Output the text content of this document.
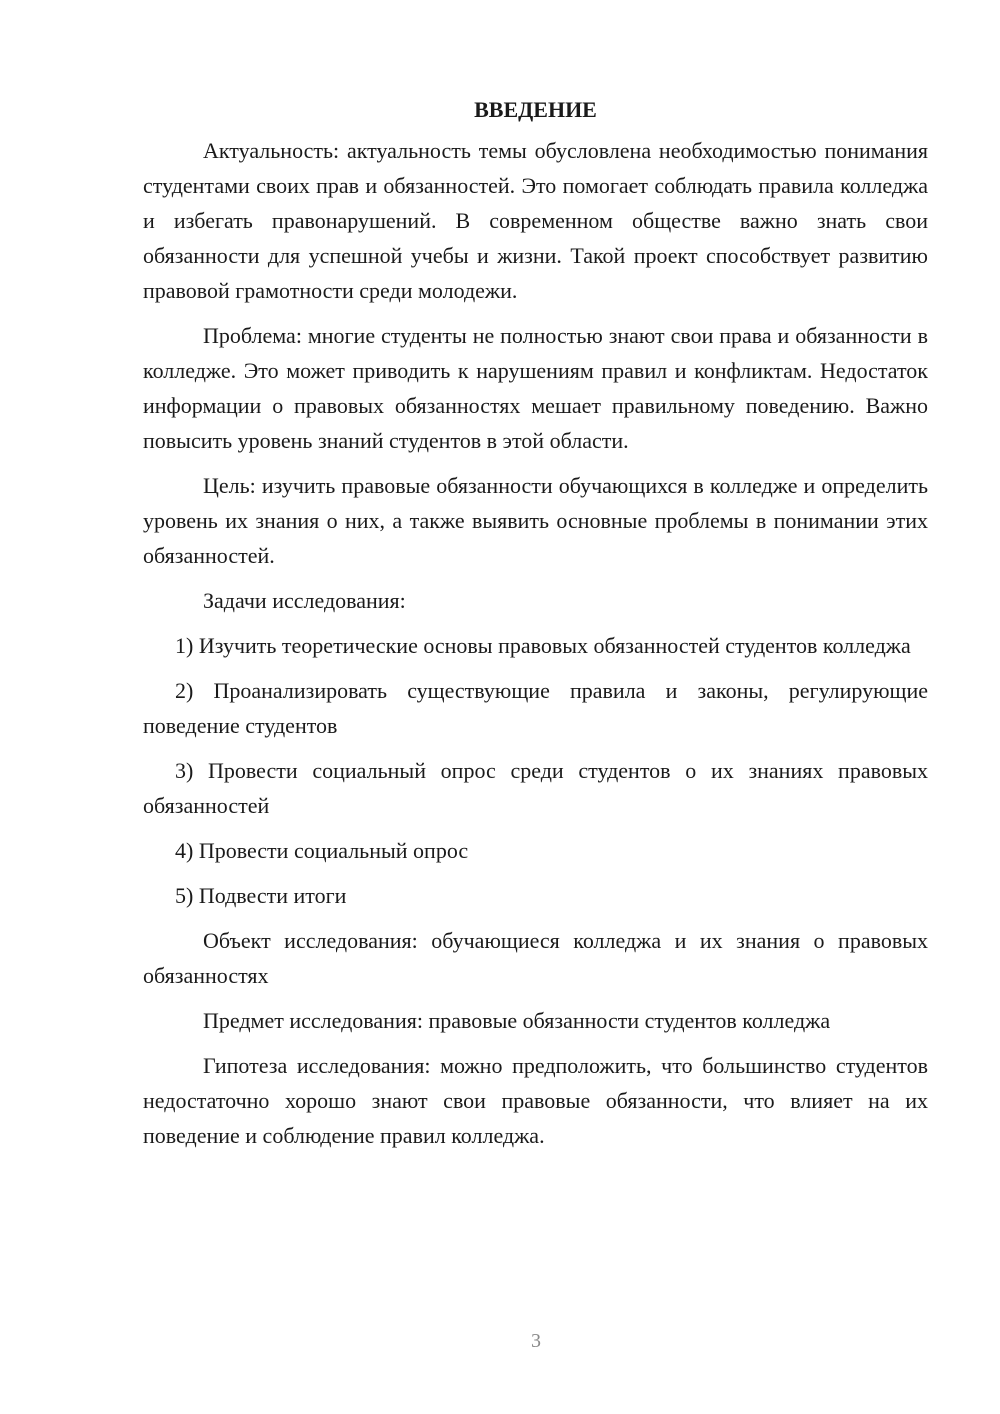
ВВЕДЕНИЕ

Актуальность: актуальность темы обусловлена необходимостью понимания студентами своих прав и обязанностей. Это помогает соблюдать правила колледжа и избегать правонарушений. В современном обществе важно знать свои обязанности для успешной учебы и жизни. Такой проект способствует развитию правовой грамотности среди молодежи.

Проблема: многие студенты не полностью знают свои права и обязанности в колледже. Это может приводить к нарушениям правил и конфликтам. Недостаток информации о правовых обязанностях мешает правильному поведению. Важно повысить уровень знаний студентов в этой области.

Цель: изучить правовые обязанности обучающихся в колледже и определить уровень их знания о них, а также выявить основные проблемы в понимании этих обязанностей.

Задачи исследования:

1) Изучить теоретические основы правовых обязанностей студентов колледжа

2) Проанализировать существующие правила и законы, регулирующие поведение студентов

3) Провести социальный опрос среди студентов о их знаниях правовых обязанностей

4) Провести социальный опрос

5) Подвести итоги

Объект исследования: обучающиеся колледжа и их знания о правовых обязанностях

Предмет исследования: правовые обязанности студентов колледжа

Гипотеза исследования: можно предположить, что большинство студентов недостаточно хорошо знают свои правовые обязанности, что влияет на их поведение и соблюдение правил колледжа.

3
